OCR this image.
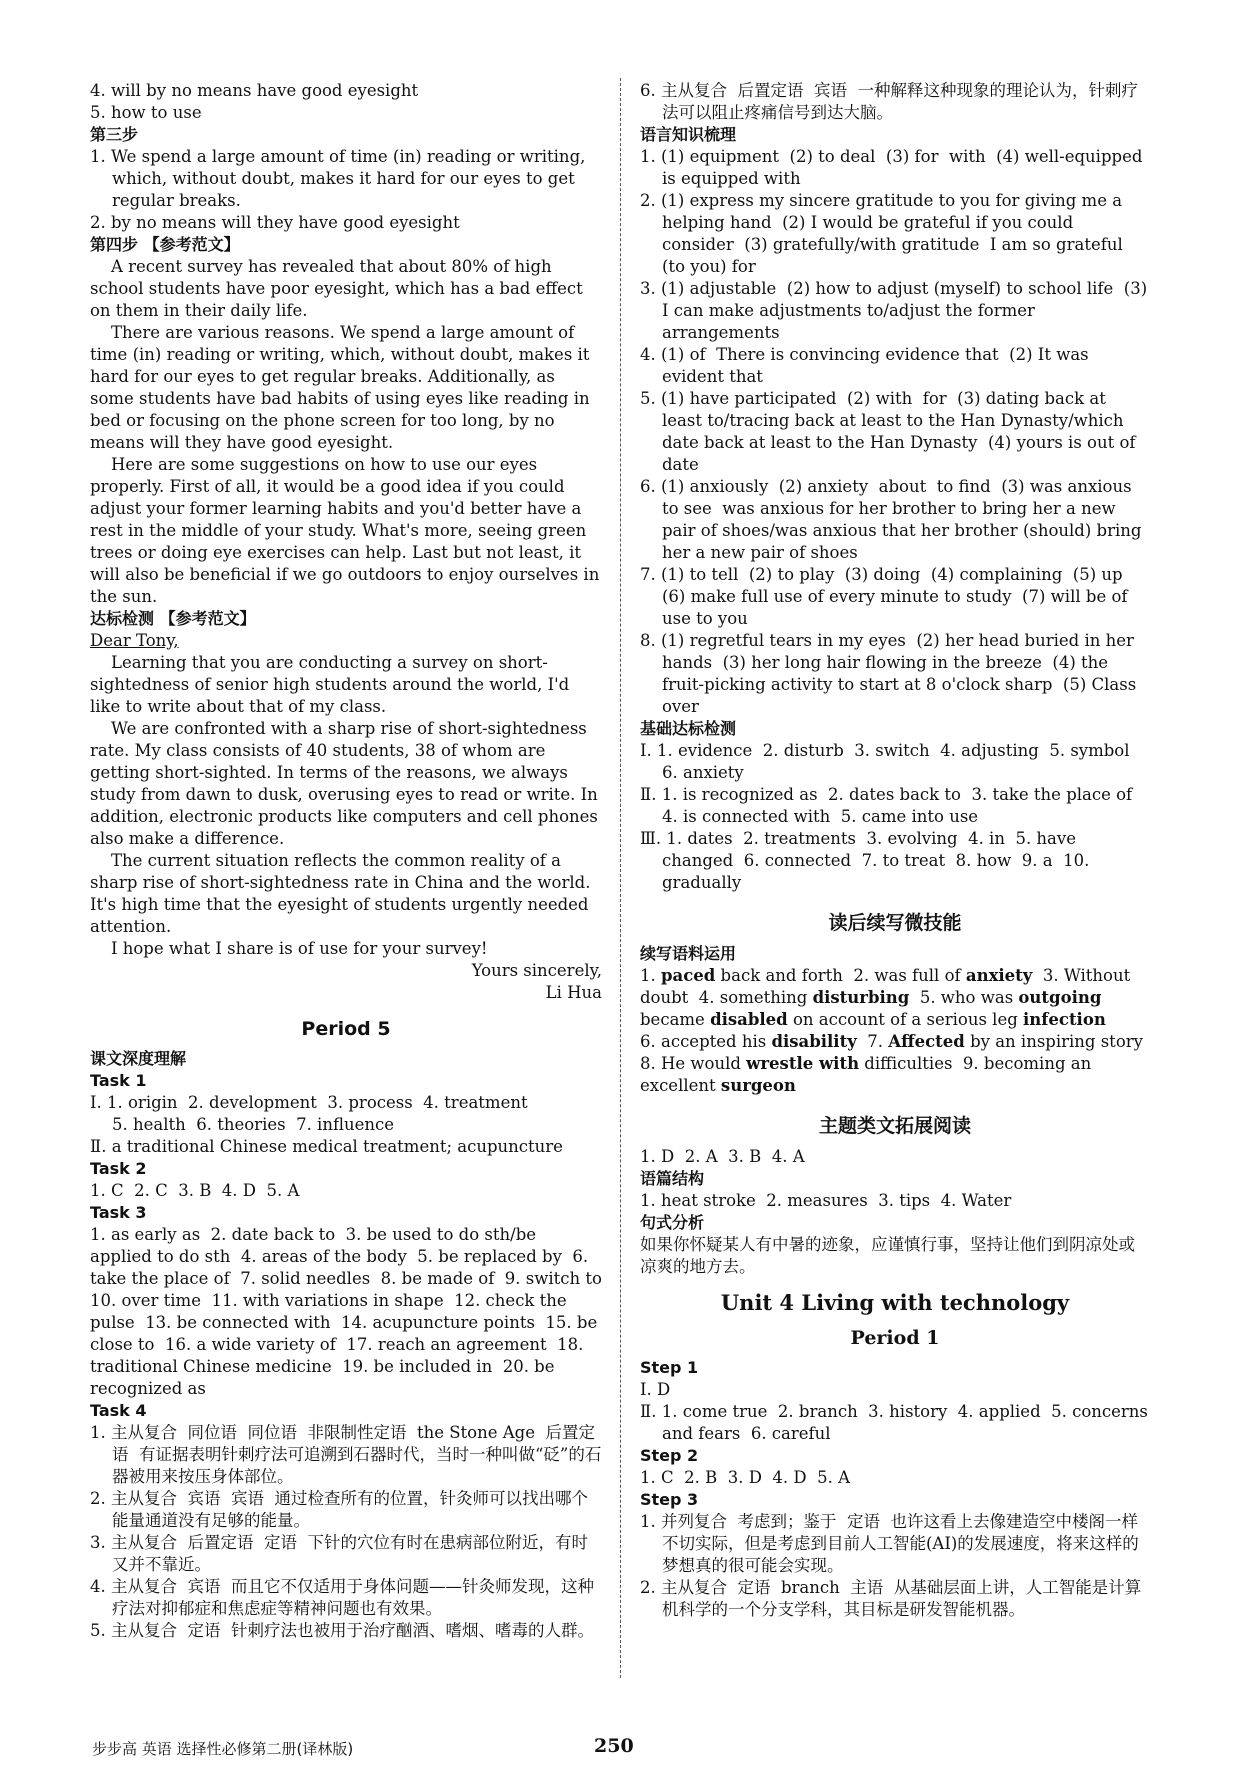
4. will by no means have good eyesight

5. how to use

第三步

1. We spend a large amount of time (in) reading or writing, which, without doubt, makes it hard for our eyes to get regular breaks.

2. by no means will they have good eyesight

第四步 【参考范文】

A recent survey has revealed that about 80% of high school students have poor eyesight, which has a bad effect on them in their daily life.

There are various reasons. We spend a large amount of time (in) reading or writing, which, without doubt, makes it hard for our eyes to get regular breaks. Additionally, as some students have bad habits of using eyes like reading in bed or focusing on the phone screen for too long, by no means will they have good eyesight.

Here are some suggestions on how to use our eyes properly. First of all, it would be a good idea if you could adjust your former learning habits and you'd better have a rest in the middle of your study. What's more, seeing green trees or doing eye exercises can help. Last but not least, it will also be beneficial if we go outdoors to enjoy ourselves in the sun.

达标检测 【参考范文】

Dear Tony,

Learning that you are conducting a survey on short-sightedness of senior high students around the world, I'd like to write about that of my class.

We are confronted with a sharp rise of short-sightedness rate. My class consists of 40 students, 38 of whom are getting short-sighted. In terms of the reasons, we always study from dawn to dusk, overusing eyes to read or write. In addition, electronic products like computers and cell phones also make a difference.

The current situation reflects the common reality of a sharp rise of short-sightedness rate in China and the world. It's high time that the eyesight of students urgently needed attention.

I hope what I share is of use for your survey!

Yours sincerely,

Li Hua

Period 5

课文深度理解

Task 1

Ⅰ. 1. origin  2. development  3. process  4. treatment

5. health  6. theories  7. influence

Ⅱ. a traditional Chinese medical treatment; acupuncture

Task 2

1. C  2. C  3. B  4. D  5. A

Task 3

1. as early as  2. date back to  3. be used to do sth/be applied to do sth  4. areas of the body  5. be replaced by  6. take the place of  7. solid needles  8. be made of  9. switch to  10. over time  11. with variations in shape  12. check the pulse  13. be connected with  14. acupuncture points  15. be close to  16. a wide variety of  17. reach an agreement  18. traditional Chinese medicine  19. be included in  20. be recognized as

Task 4

1. 主从复合  同位语  同位语  非限制性定语  the Stone Age  后置定语  有证据表明针刺疗法可追溯到石器时代，当时一种叫做“砭”的石器被用来按压身体部位。

2. 主从复合  宾语  宾语  通过检查所有的位置，针灸师可以找出哪个能量通道没有足够的能量。

3. 主从复合  后置定语  定语  下针的穴位有时在患病部位附近，有时又并不靠近。

4. 主从复合  宾语  而且它不仅适用于身体问题——针灸师发现，这种疗法对抑郁症和焦虑症等精神问题也有效果。

5. 主从复合  定语  针刺疗法也被用于治疗酗酒、嗜烟、嗜毒的人群。

6. 主从复合  后置定语  宾语  一种解释这种现象的理论认为，针刺疗法可以阻止疼痛信号到达大脑。

语言知识梳理

1. (1) equipment  (2) to deal  (3) for  with  (4) well-equipped  is equipped with

2. (1) express my sincere gratitude to you for giving me a helping hand  (2) I would be grateful if you could consider  (3) gratefully/with gratitude  I am so grateful (to you) for

3. (1) adjustable  (2) how to adjust (myself) to school life  (3) I can make adjustments to/adjust the former arrangements

4. (1) of  There is convincing evidence that  (2) It was evident that

5. (1) have participated  (2) with  for  (3) dating back at least to/tracing back at least to the Han Dynasty/which date back at least to the Han Dynasty  (4) yours is out of date

6. (1) anxiously  (2) anxiety  about  to find  (3) was anxious to see  was anxious for her brother to bring her a new pair of shoes/was anxious that her brother (should) bring her a new pair of shoes

7. (1) to tell  (2) to play  (3) doing  (4) complaining  (5) up  (6) make full use of every minute to study  (7) will be of use to you

8. (1) regretful tears in my eyes  (2) her head buried in her hands  (3) her long hair flowing in the breeze  (4) the fruit-picking activity to start at 8 o'clock sharp  (5) Class over

基础达标检测

Ⅰ. 1. evidence  2. disturb  3. switch  4. adjusting  5. symbol  6. anxiety

Ⅱ. 1. is recognized as  2. dates back to  3. take the place of  4. is connected with  5. came into use

Ⅲ. 1. dates  2. treatments  3. evolving  4. in  5. have changed  6. connected  7. to treat  8. how  9. a  10. gradually

读后续写微技能

续写语料运用

1. paced back and forth  2. was full of anxiety  3. Without doubt  4. something disturbing  5. who was outgoing became disabled on account of a serious leg infection

6. accepted his disability  7. Affected by an inspiring story  8. He would wrestle with difficulties  9. becoming an excellent surgeon

主题类文拓展阅读

1. D  2. A  3. B  4. A

语篇结构

1. heat stroke  2. measures  3. tips  4. Water

句式分析

如果你怀疑某人有中暑的迹象，应谨慎行事，坚持让他们到阴凉处或凉爽的地方去。

Unit 4 Living with technology

Period 1

Step 1

Ⅰ. D

Ⅱ. 1. come true  2. branch  3. history  4. applied  5. concerns and fears  6. careful

Step 2

1. C  2. B  3. D  4. D  5. A

Step 3

1. 并列复合  考虑到；鉴于  定语  也许这看上去像建造空中楼阁一样不切实际，但是考虑到目前人工智能(AI)的发展速度，将来这样的梦想真的很可能会实现。

2. 主从复合  定语  branch  主语  从基础层面上讲，人工智能是计算机科学的一个分支学科，其目标是研发智能机器。

步步高 英语 选择性必修第二册(译林版)	250
